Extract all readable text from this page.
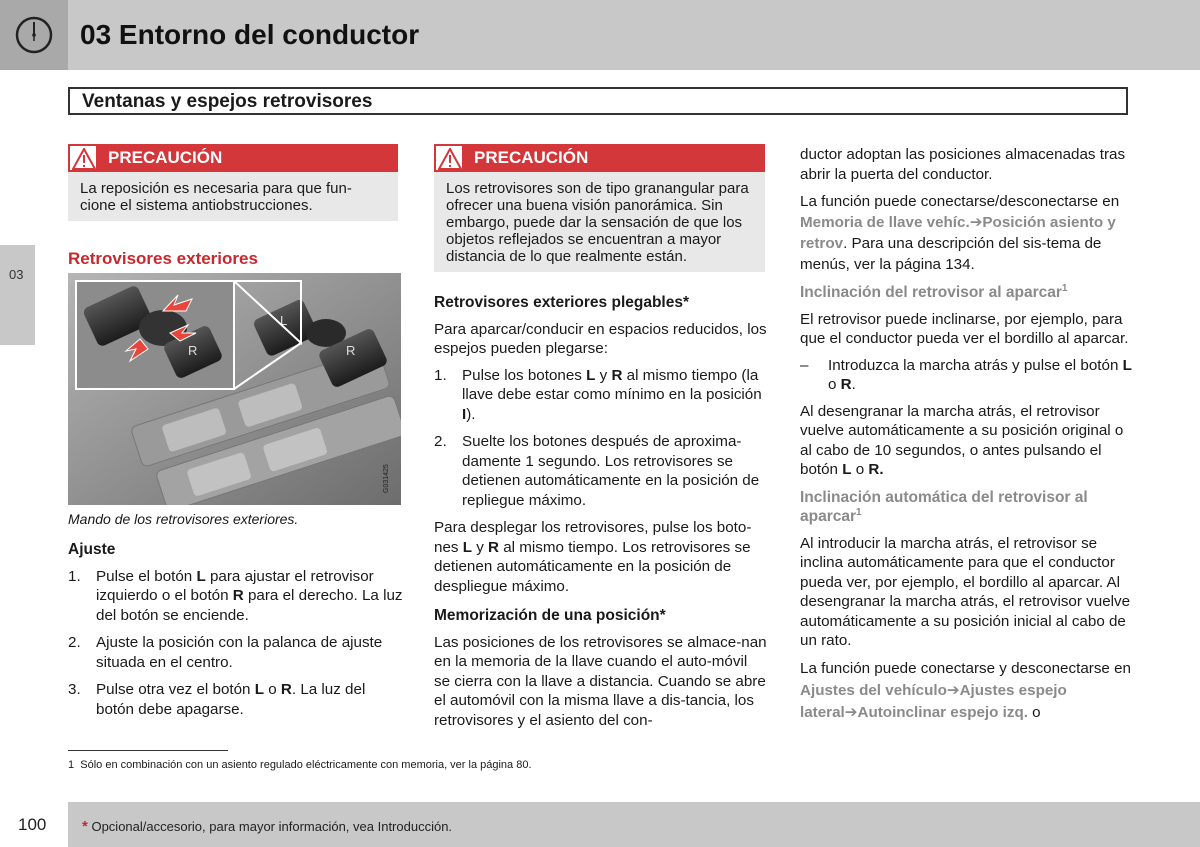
03 Entorno del conductor
Ventanas y espejos retrovisores
03
PRECAUCIÓN
La reposición es necesaria para que fun-
cione el sistema antiobstrucciones.
Retrovisores exteriores
L
R
R
G031425
Mando de los retrovisores exteriores.

Ajuste

1. Pulse el botón L para ajustar el retrovisor izquierdo o el botón R para el derecho. La luz del botón se enciende.
2. Ajuste la posición con la palanca de ajuste situada en el centro.
3. Pulse otra vez el botón L o R. La luz del botón debe apagarse.
PRECAUCIÓN
Los retrovisores son de tipo granangular para ofrecer una buena visión panorámica. Sin embargo, puede dar la sensación de que los objetos reflejados se encuentran a mayor distancia de lo que realmente están.

Retrovisores exteriores plegables*

Para aparcar/conducir en espacios reducidos, los espejos pueden plegarse:

1. Pulse los botones L y R al mismo tiempo (la llave debe estar como mínimo en la posición I).
2. Suelte los botones después de aproxima-damente 1 segundo. Los retrovisores se detienen automáticamente en la posición de repliegue máximo.

Para desplegar los retrovisores, pulse los boto-nes L y R al mismo tiempo. Los retrovisores se detienen automáticamente en la posición de despliegue máximo.

Memorización de una posición*

Las posiciones de los retrovisores se almace-nan en la memoria de la llave cuando el auto-móvil se cierra con la llave a distancia. Cuando se abre el automóvil con la misma llave a dis-tancia, los retrovisores y el asiento del con-

ductor adoptan las posiciones almacenadas tras abrir la puerta del conductor.

La función puede conectarse/desconectarse en Memoria de llave vehíc.➔Posición asiento y retrov. Para una descripción del sis-tema de menús, ver la página 134.

Inclinación del retrovisor al aparcar$^1$

El retrovisor puede inclinarse, por ejemplo, para que el conductor pueda ver el bordillo al aparcar.

– Introduzca la marcha atrás y pulse el botón L o R.

Al desengranar la marcha atrás, el retrovisor vuelve automáticamente a su posición original o al cabo de 10 segundos, o antes pulsando el botón L o R.

Inclinación automática del retrovisor al aparcar$^1$

Al introducir la marcha atrás, el retrovisor se inclina automáticamente para que el conductor pueda ver, por ejemplo, el bordillo al aparcar. Al desengranar la marcha atrás, el retrovisor vuelve automáticamente a su posición inicial al cabo de un rato.

La función puede conectarse y desconectarse en Ajustes del vehículo➔Ajustes espejo lateral➔Autoinclinar espejo izq. o

1 Sólo en combinación con un asiento regulado eléctricamente con memoria, ver la página 80.
100 * Opcional/accesorio, para mayor información, vea Introducción.
